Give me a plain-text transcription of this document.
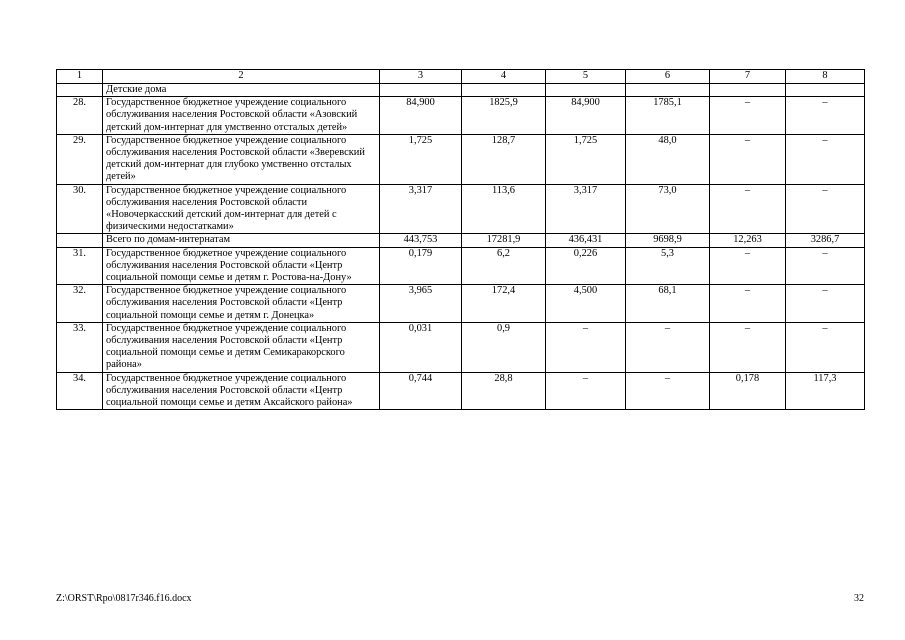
1	2	3	4	5	6	7	8
	Детские дома						
28.	Государственное бюджетное учреждение социального обслуживания населения Ростовской области «Азовский детский дом-интернат для умственно отсталых детей»	84,900	1825,9	84,900	1785,1	–	–
29.	Государственное бюджетное учреждение социального обслуживания населения Ростовской области «Зверевский детский дом-интернат для глубоко умственно отсталых детей»	1,725	128,7	1,725	48,0	–	–
30.	Государственное бюджетное учреждение социального обслуживания населения Ростовской области «Новочеркасский детский дом-интернат для детей с физическими недостатками»	3,317	113,6	3,317	73,0	–	–
	Всего по домам-интернатам	443,753	17281,9	436,431	9698,9	12,263	3286,7
31.	Государственное бюджетное учреждение социального обслуживания населения Ростовской области «Центр социальной помощи семье и детям г. Ростова-на-Дону»	0,179	6,2	0,226	5,3	–	–
32.	Государственное бюджетное учреждение социального обслуживания населения Ростовской области «Центр социальной помощи семье и детям г. Донецка»	3,965	172,4	4,500	68,1	–	–
33.	Государственное бюджетное учреждение социального обслуживания населения Ростовской области «Центр социальной помощи семье и детям Семикаракорского района»	0,031	0,9	–	–	–	–
34.	Государственное бюджетное учреждение социального обслуживания населения Ростовской области «Центр социальной помощи семье и детям Аксайского района»	0,744	28,8	–	–	0,178	117,3
Z:\ORST\Rpo\0817r346.f16.docx	32
